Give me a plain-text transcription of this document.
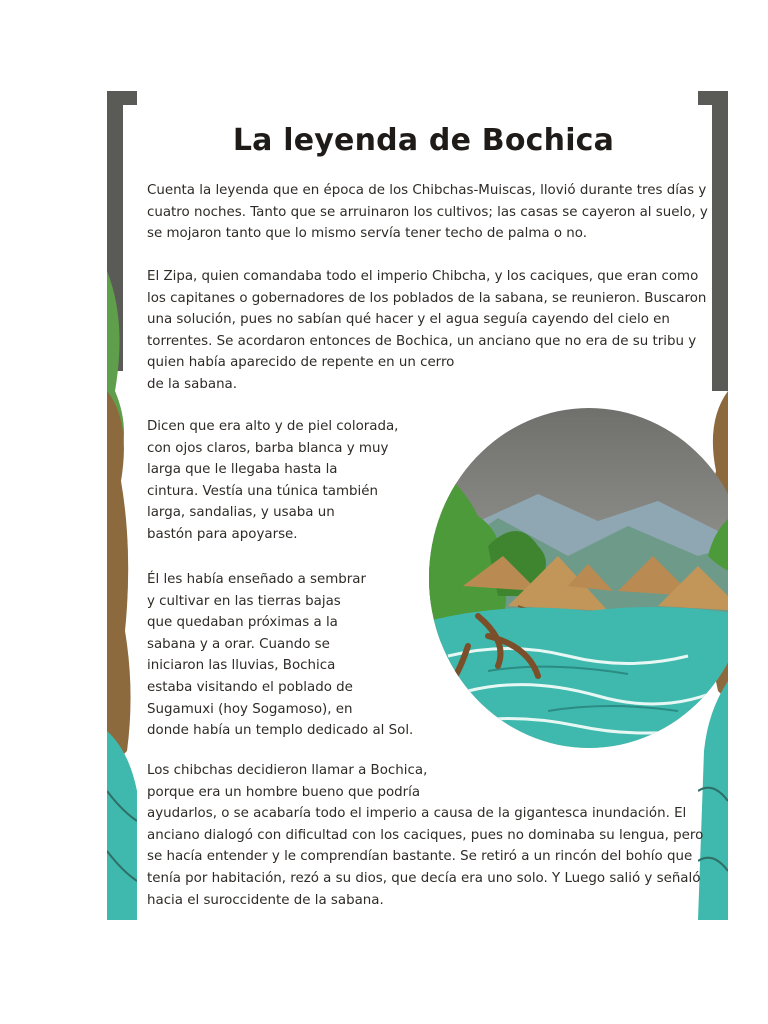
La leyenda de Bochica

Cuenta la leyenda que en época de los Chibchas-Muiscas, llovió durante tres días y
cuatro noches. Tanto que se arruinaron los cultivos; las casas se cayeron al suelo, y
se mojaron tanto que lo mismo servía tener techo de palma o no.

El Zipa, quien comandaba todo el imperio Chibcha, y los caciques, que eran como
los capitanes o gobernadores de los poblados de la sabana, se reunieron. Buscaron
una solución, pues no sabían qué hacer y el agua seguía cayendo del cielo en
torrentes. Se acordaron entonces de Bochica, un anciano que no era de su tribu y
quien había aparecido de repente en un cerro
de la sabana.

Dicen que era alto y de piel colorada,
con ojos claros, barba blanca y muy
larga que le llegaba hasta la
cintura. Vestía una túnica también
larga, sandalias, y usaba un
bastón para apoyarse.

Él les había enseñado a sembrar
y cultivar en las tierras bajas
que quedaban próximas a la
sabana y a orar. Cuando se
iniciaron las lluvias, Bochica
estaba visitando el poblado de
Sugamuxi (hoy Sogamoso), en
donde había un templo dedicado al Sol.

Los chibchas decidieron llamar a Bochica,
porque era un hombre bueno que podría
ayudarlos, o se acabaría todo el imperio a causa de la gigantesca inundación. El
anciano dialogó con dificultad con los caciques, pues no dominaba su lengua, pero
se hacía entender y le comprendían bastante. Se retiró a un rincón del bohío que
tenía por habitación, rezó a su dios, que decía era uno solo. Y Luego salió y señaló
hacia el suroccidente de la sabana.
